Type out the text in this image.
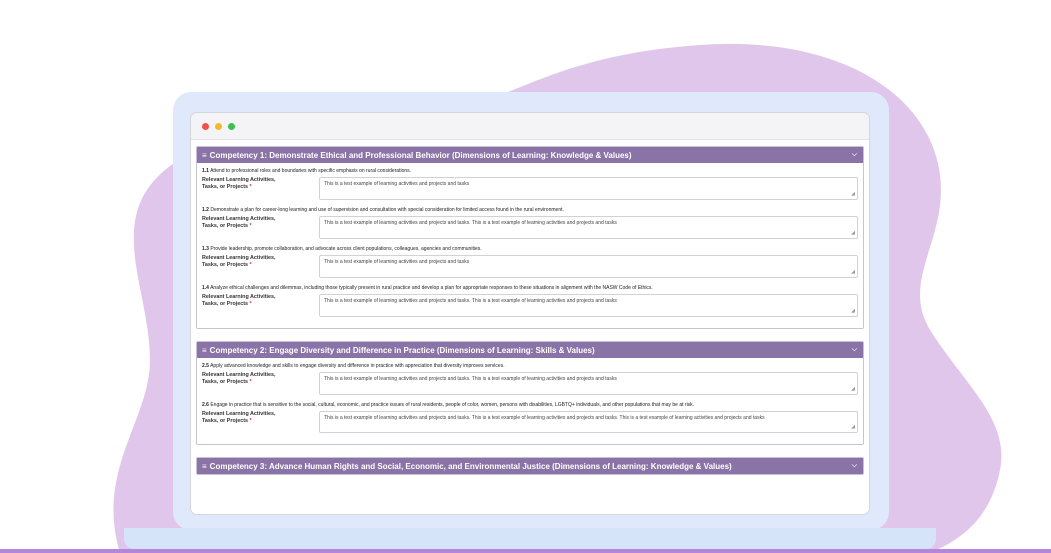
≡ Competency 1: Demonstrate Ethical and Professional Behavior (Dimensions of Learning: Knowledge & Values)	⌵
1.1 Attend to professional roles and boundaries with specific emphasis on rural considerations.
Relevant Learning Activities,
Tasks, or Projects *	This is a test example of learning activities and projects and tasks
◢
1.2 Demonstrate a plan for career-long learning and use of supervision and consultation with special consideration for limited access found in the rural environment.
Relevant Learning Activities,
Tasks, or Projects *	This is a test example of learning activities and projects and tasks. This is a test example of learning activities and projects and tasks
◢
1.3 Provide leadership, promote collaboration, and advocate across client populations, colleagues, agencies and communities.
Relevant Learning Activities,
Tasks, or Projects *	This is a test example of learning activities and projects and tasks
◢
1.4 Analyze ethical challenges and dilemmas, including those typically present in rural practice and develop a plan for appropriate responses to these situations in alignment with the NASW Code of Ethics.
Relevant Learning Activities,
Tasks, or Projects *	This is a test example of learning activities and projects and tasks. This is a test example of learning activities and projects and tasks
◢
≡ Competency 2: Engage Diversity and Difference in Practice (Dimensions of Learning: Skills & Values)	⌵
2.5 Apply advanced knowledge and skills to engage diversity and difference in practice with appreciation that diversity improves services.
Relevant Learning Activities,
Tasks, or Projects *	This is a test example of learning activities and projects and tasks. This is a test example of learning activities and projects and tasks
◢
2.6 Engage in practice that is sensitive to the social, cultural, economic, and practice issues of rural residents, people of color, women, persons with disabilities, LGBTQ+ individuals, and other populations that may be at risk.
Relevant Learning Activities,
Tasks, or Projects *	This is a test example of learning activities and projects and tasks. This is a test example of learning activities and projects and tasks. This is a test example of learning activities and projects and tasks
◢
≡ Competency 3: Advance Human Rights and Social, Economic, and Environmental Justice (Dimensions of Learning: Knowledge & Values)	⌵
